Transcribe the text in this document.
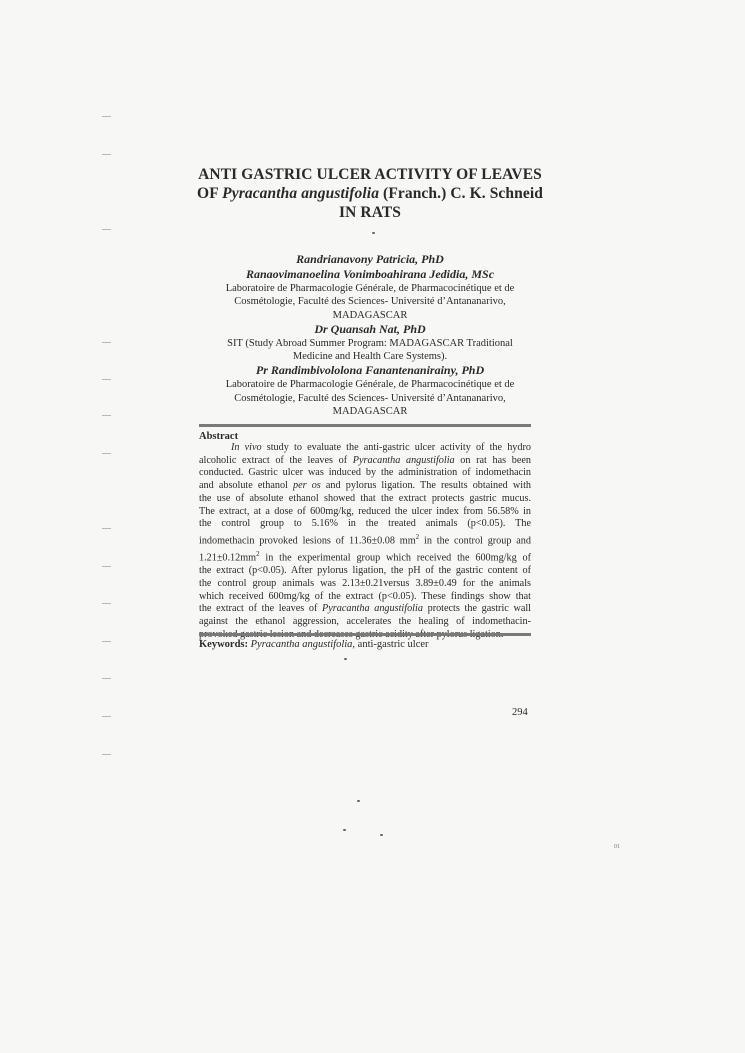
ANTI GASTRIC ULCER ACTIVITY OF LEAVES
OF Pyracantha angustifolia (Franch.) C. K. Schneid
IN RATS
Randrianavony Patricia, PhD
Ranaovimanoelina Vonimboahirana Jedidia, MSc
Laboratoire de Pharmacologie Générale, de Pharmacocinétique et de
Cosmétologie, Faculté des Sciences- Université d’Antananarivo,
MADAGASCAR
Dr Quansah Nat, PhD
SIT (Study Abroad Summer Program: MADAGASCAR Traditional
Medicine and Health Care Systems).
Pr Randimbivololona Fanantenanirainy, PhD
Laboratoire de Pharmacologie Générale, de Pharmacocinétique et de
Cosmétologie, Faculté des Sciences- Université d’Antananarivo,
MADAGASCAR
Abstract
In vivo study to evaluate the anti-gastric ulcer activity of the hydro
alcoholic extract of the leaves of Pyracantha angustifolia on rat has been
conducted. Gastric ulcer was induced by the administration of indomethacin
and absolute ethanol per os and pylorus ligation. The results obtained with
the use of absolute ethanol showed that the extract protects gastric mucus.
The extract, at a dose of 600mg/kg, reduced the ulcer index from 56.58% in
the control group to 5.16% in the treated animals (p<0.05). The
indomethacin provoked lesions of 11.36±0.08 $mm^2$ in the control group and
$1.21\pm 0.12mm^2$ in the experimental group which received the 600mg/kg of
the extract (p<0.05). After pylorus ligation, the pH of the gastric content of
the control group animals was 2.13±0.21versus 3.89±0.49 for the animals
which received 600mg/kg of the extract (p<0.05). These findings show that
the extract of the leaves of Pyracantha angustifolia protects the gastric wall
against the ethanol aggression, accelerates the healing of indomethacin-
Keywords: Pyracantha angustifolia, anti-gastric ulcer
294
01
